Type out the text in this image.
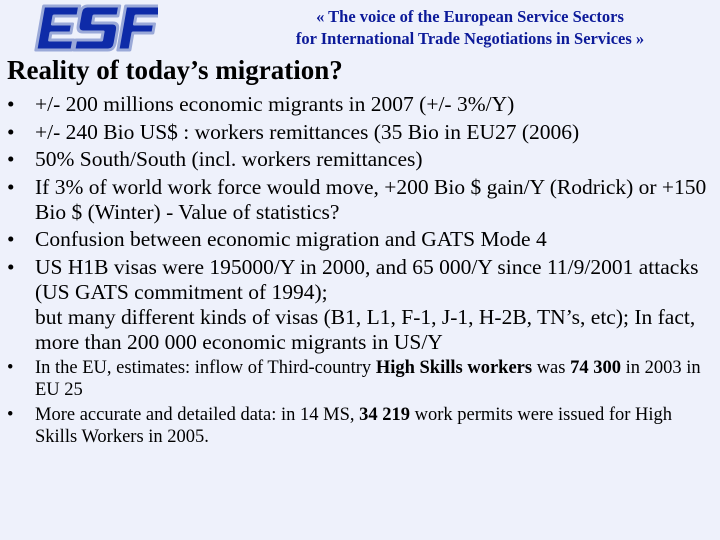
« The voice of the European Service Sectors
for International Trade Negotiations in Services »
Reality of today’s migration?
• +/- 200 millions economic migrants in 2007 (+/- 3%/Y)
• +/- 240 Bio US$ : workers remittances (35 Bio in EU27 (2006)
• 50% South/South (incl. workers remittances)
• If 3% of world work force would move, +200 Bio $ gain/Y (Rodrick) or +150 Bio $ (Winter) - Value of statistics?
• Confusion between economic migration and GATS Mode 4
• US H1B visas were 195000/Y in 2000, and 65 000/Y since 11/9/2001 attacks (US GATS commitment of 1994);
but many different kinds of visas (B1, L1, F-1, J-1, H-2B, TN’s, etc); In fact, more than 200 000 economic migrants in US/Y
• In the EU, estimates: inflow of Third-country High Skills workers was 74 300 in 2003 in EU 25
• More accurate and detailed data: in 14 MS, 34 219 work permits were issued for High Skills Workers in 2005.
